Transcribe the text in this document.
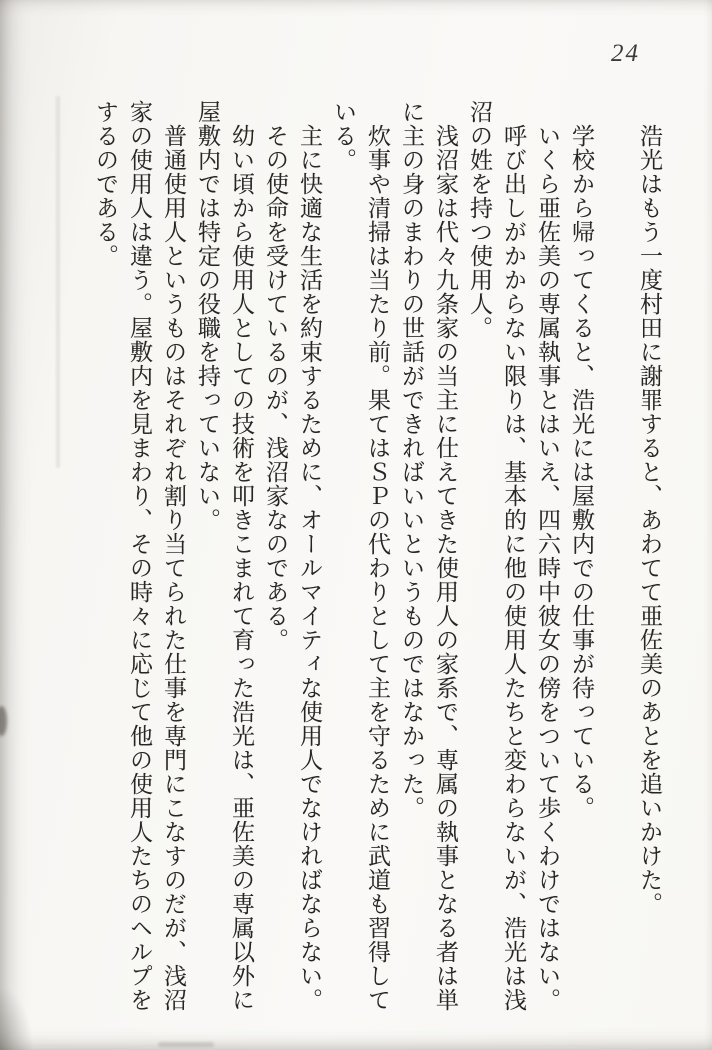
24

浩光はもう一度村田に謝罪すると、あわてて亜佐美のあとを追いかけた。

学校から帰ってくると、浩光には屋敷内での仕事が待っている。

いくら亜佐美の専属執事とはいえ、四六時中彼女の傍をついて歩くわけではない。

呼び出しがかからない限りは、基本的に他の使用人たちと変わらないが、浩光は浅沼の姓を持つ使用人。

浅沼家は代々九条家の当主に仕えてきた使用人の家系で、専属の執事となる者は単に主の身のまわりの世話ができればいいというものではなかった。

炊事や清掃は当たり前。果てはＳＰの代わりとして主を守るために武道も習得している。

主に快適な生活を約束するために、オールマイティな使用人でなければならない。

その使命を受けているのが、浅沼家なのである。

幼い頃から使用人としての技術を叩きこまれて育った浩光は、亜佐美の専属以外に屋敷内では特定の役職を持っていない。

普通使用人というものはそれぞれ割り当てられた仕事を専門にこなすのだが、浅沼家の使用人は違う。屋敷内を見まわり、その時々に応じて他の使用人たちのヘルプをするのである。
